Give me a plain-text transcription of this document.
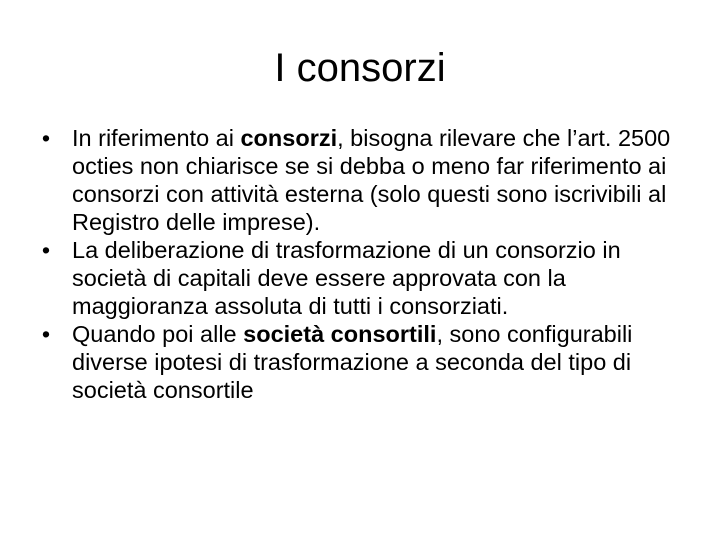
I consorzi
• In riferimento ai consorzi, bisogna rilevare che l’art. 2500 octies non chiarisce se si debba o meno far riferimento ai consorzi con attività esterna (solo questi sono iscrivibili al Registro delle imprese).
• La deliberazione di trasformazione di un consorzio in società di capitali deve essere approvata con la maggioranza assoluta di tutti i consorziati.
• Quando poi alle società consortili, sono configurabili diverse ipotesi di trasformazione a seconda del tipo di società consortile
